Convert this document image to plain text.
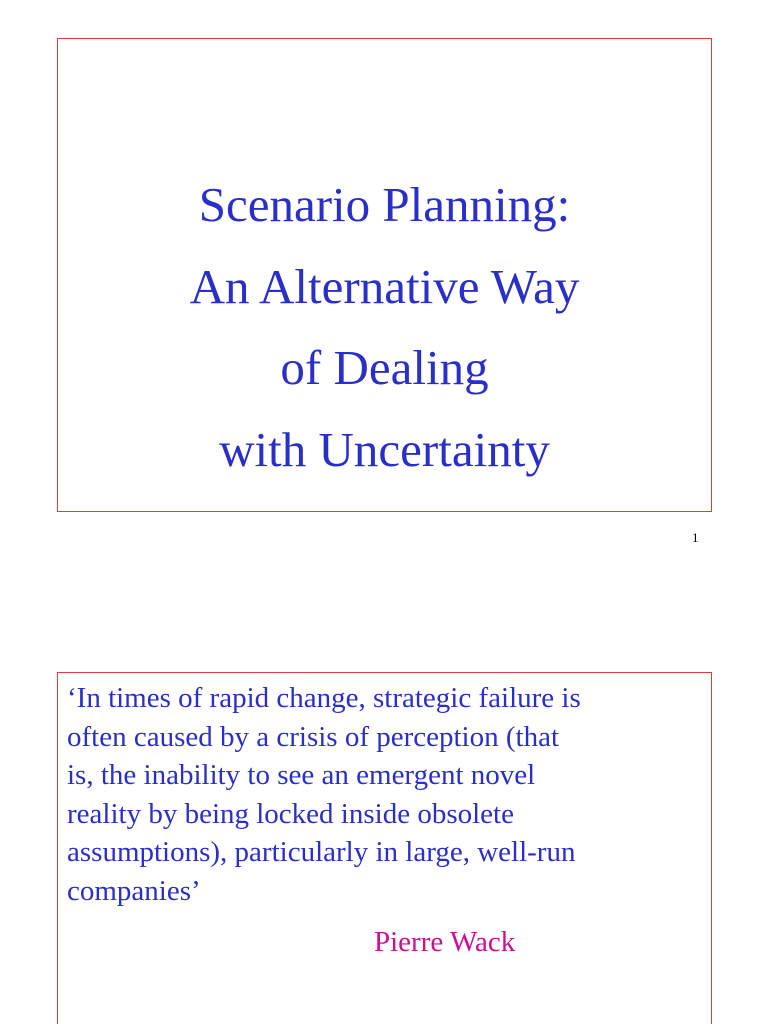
Scenario Planning:
An Alternative Way
of Dealing
with Uncertainty
1
‘In times of rapid change, strategic failure is
often caused by a crisis of perception (that
is, the inability to see an emergent novel
reality by being locked inside obsolete
assumptions), particularly in large, well-run
companies’
Pierre Wack
